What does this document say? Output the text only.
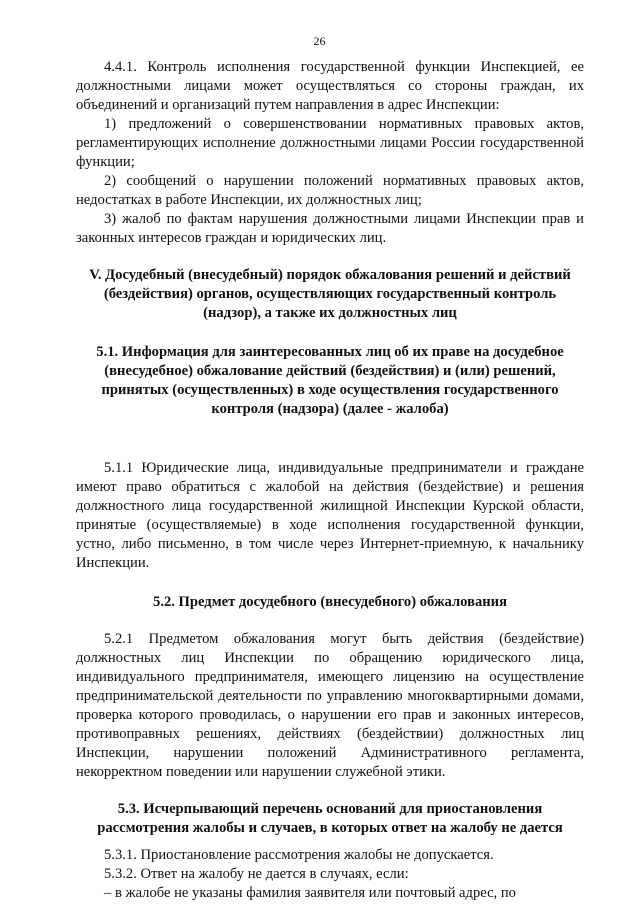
26

4.4.1. Контроль исполнения государственной функции Инспекцией, ее должностными лицами может осуществляться со стороны граждан, их объединений и организаций путем направления в адрес Инспекции:

1) предложений о совершенствовании нормативных правовых актов, регламентирующих исполнение должностными лицами России государственной функции;

2) сообщений о нарушении положений нормативных правовых актов, недостатках в работе Инспекции, их должностных лиц;

3) жалоб по фактам нарушения должностными лицами Инспекции прав и законных интересов граждан и юридических лиц.

V. Досудебный (внесудебный) порядок обжалования решений и действий (бездействия) органов, осуществляющих государственный контроль (надзор), а также их должностных лиц
5.1. Информация для заинтересованных лиц об их праве на досудебное (внесудебное) обжалование действий (бездействия) и (или) решений, принятых (осуществленных) в ходе осуществления государственного контроля (надзора) (далее - жалоба)

5.1.1 Юридические лица, индивидуальные предприниматели и граждане имеют право обратиться с жалобой на действия (бездействие) и решения должностного лица государственной жилищной Инспекции Курской области, принятые (осуществляемые) в ходе исполнения государственной функции, устно, либо письменно, в том числе через Интернет-приемную, к начальнику Инспекции.

5.2. Предмет досудебного (внесудебного) обжалования

5.2.1 Предметом обжалования могут быть действия (бездействие) должностных лиц Инспекции по обращению юридического лица, индивидуального предпринимателя, имеющего лицензию на осуществление предпринимательской деятельности по управлению многоквартирными домами, проверка которого проводилась, о нарушении его прав и законных интересов, противоправных решениях, действиях (бездействии) должностных лиц Инспекции, нарушении положений Административного регламента, некорректном поведении или нарушении служебной этики.

5.3. Исчерпывающий перечень оснований для приостановления рассмотрения жалобы и случаев, в которых ответ на жалобу не дается

5.3.1. Приостановление рассмотрения жалобы не допускается.

5.3.2. Ответ на жалобу не дается в случаях, если:

– в жалобе не указаны фамилия заявителя или почтовый адрес, по
